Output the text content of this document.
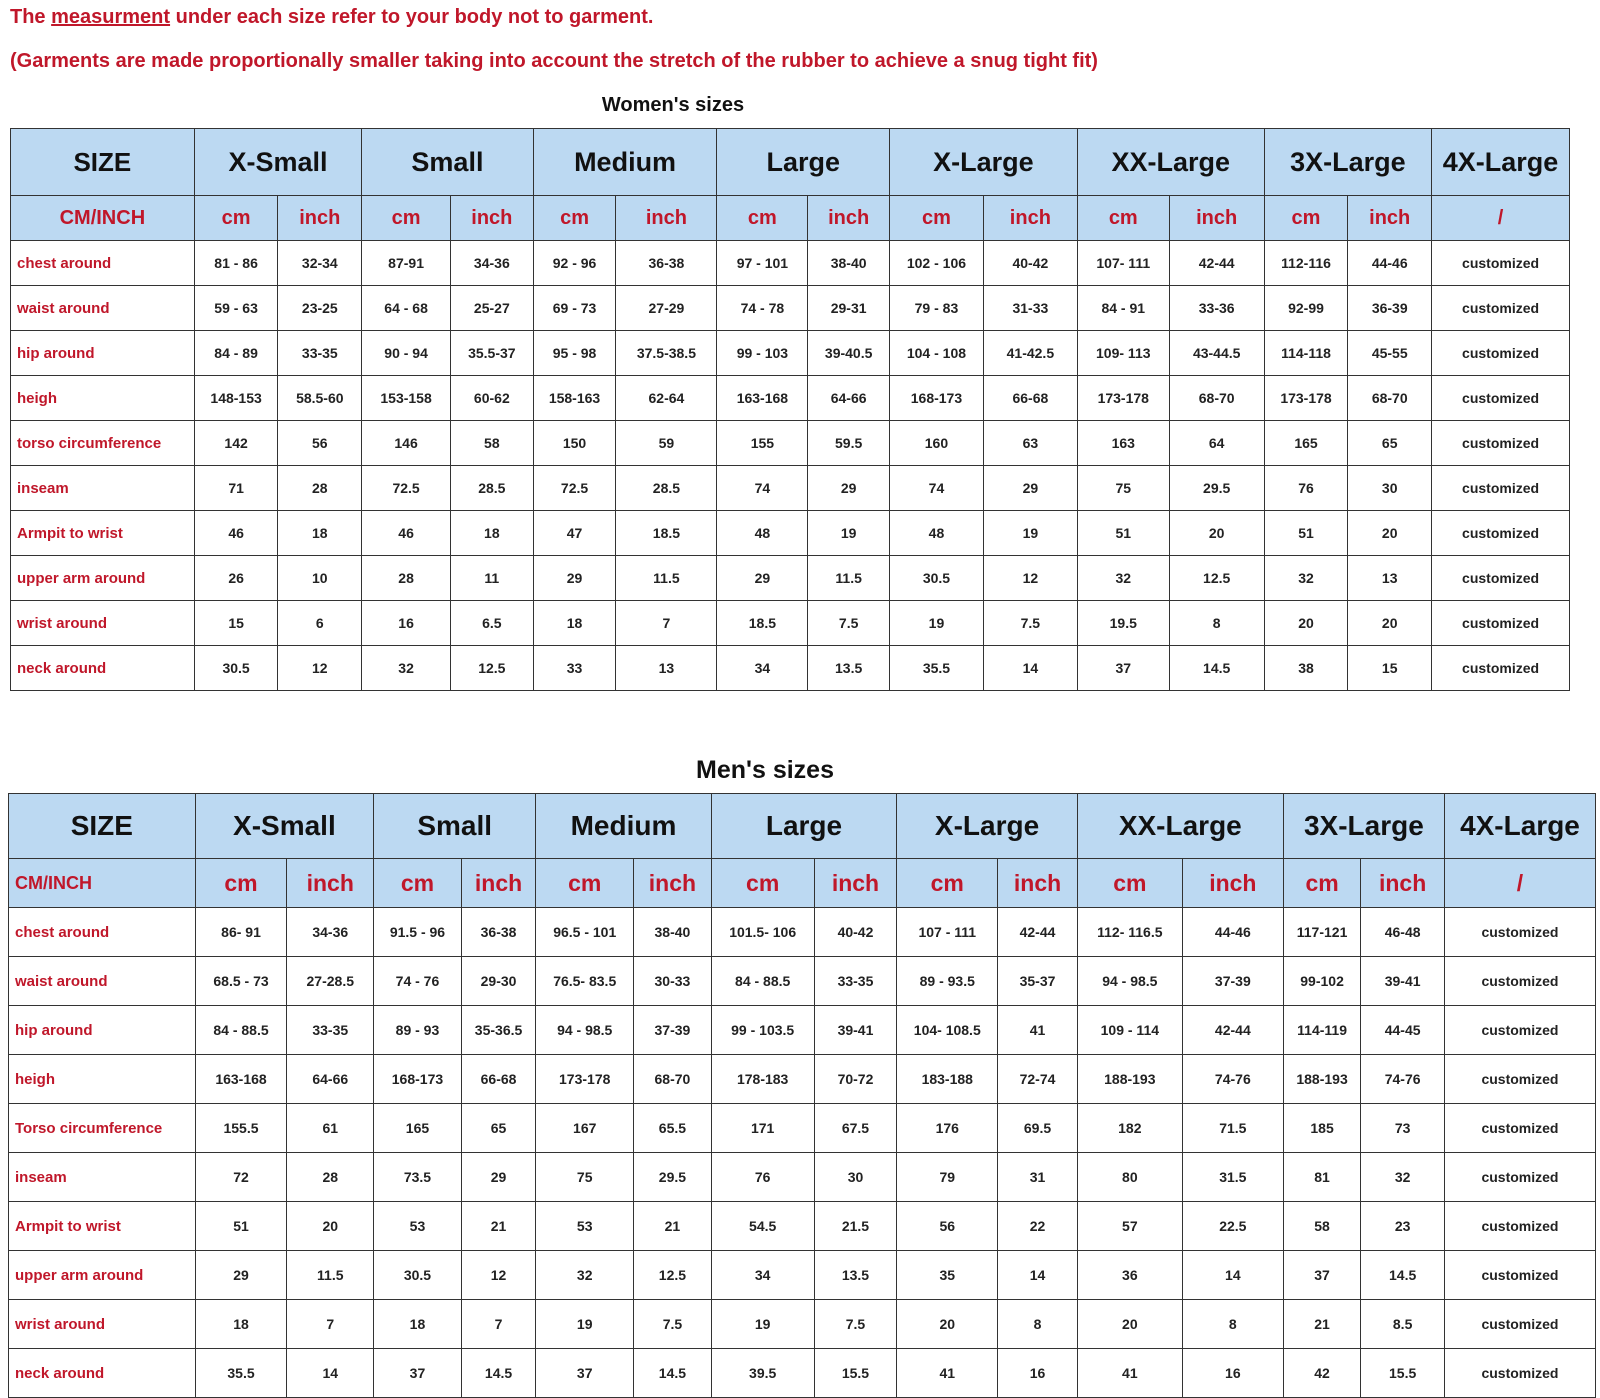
The measurment under each size refer to your body not to garment.
(Garments are made proportionally smaller taking into account the stretch of the rubber to achieve a snug tight fit)
Women's sizes
SIZE	X-Small		Small		Medium		Large		X-Large		XX-Large		3X-Large		4X-Large
CM/INCH	cm	inch	cm	inch	cm	inch	cm	inch	cm	inch	cm	inch	cm	inch	/
chest around	81 - 86	32-34	87-91	34-36	92 - 96	36-38	97 - 101	38-40	102 - 106	40-42	107- 111	42-44	112-116	44-46	customized
waist around	59 - 63	23-25	64 - 68	25-27	69 - 73	27-29	74 - 78	29-31	79 - 83	31-33	84 - 91	33-36	92-99	36-39	customized
hip around	84 - 89	33-35	90 - 94	35.5-37	95 - 98	37.5-38.5	99 - 103	39-40.5	104 - 108	41-42.5	109- 113	43-44.5	114-118	45-55	customized
heigh	148-153	58.5-60	153-158	60-62	158-163	62-64	163-168	64-66	168-173	66-68	173-178	68-70	173-178	68-70	customized
torso circumference	142	56	146	58	150	59	155	59.5	160	63	163	64	165	65	customized
inseam	71	28	72.5	28.5	72.5	28.5	74	29	74	29	75	29.5	76	30	customized
Armpit to wrist	46	18	46	18	47	18.5	48	19	48	19	51	20	51	20	customized
upper arm around	26	10	28	11	29	11.5	29	11.5	30.5	12	32	12.5	32	13	customized
wrist around	15	6	16	6.5	18	7	18.5	7.5	19	7.5	19.5	8	20	20	customized
neck around	30.5	12	32	12.5	33	13	34	13.5	35.5	14	37	14.5	38	15	customized
Men's sizes
SIZE	X-Small		Small		Medium		Large		X-Large		XX-Large		3X-Large		4X-Large
CM/INCH	cm	inch	cm	inch	cm	inch	cm	inch	cm	inch	cm	inch	cm	inch	/
chest around	86- 91	34-36	91.5 - 96	36-38	96.5 - 101	38-40	101.5- 106	40-42	107 - 111	42-44	112- 116.5	44-46	117-121	46-48	customized
waist around	68.5 - 73	27-28.5	74 - 76	29-30	76.5- 83.5	30-33	84 - 88.5	33-35	89 - 93.5	35-37	94 - 98.5	37-39	99-102	39-41	customized
hip around	84 - 88.5	33-35	89 - 93	35-36.5	94 - 98.5	37-39	99 - 103.5	39-41	104- 108.5	41	109 - 114	42-44	114-119	44-45	customized
heigh	163-168	64-66	168-173	66-68	173-178	68-70	178-183	70-72	183-188	72-74	188-193	74-76	188-193	74-76	customized
Torso circumference	155.5	61	165	65	167	65.5	171	67.5	176	69.5	182	71.5	185	73	customized
inseam	72	28	73.5	29	75	29.5	76	30	79	31	80	31.5	81	32	customized
Armpit to wrist	51	20	53	21	53	21	54.5	21.5	56	22	57	22.5	58	23	customized
upper arm around	29	11.5	30.5	12	32	12.5	34	13.5	35	14	36	14	37	14.5	customized
wrist around	18	7	18	7	19	7.5	19	7.5	20	8	20	8	21	8.5	customized
neck around	35.5	14	37	14.5	37	14.5	39.5	15.5	41	16	41	16	42	15.5	customized
